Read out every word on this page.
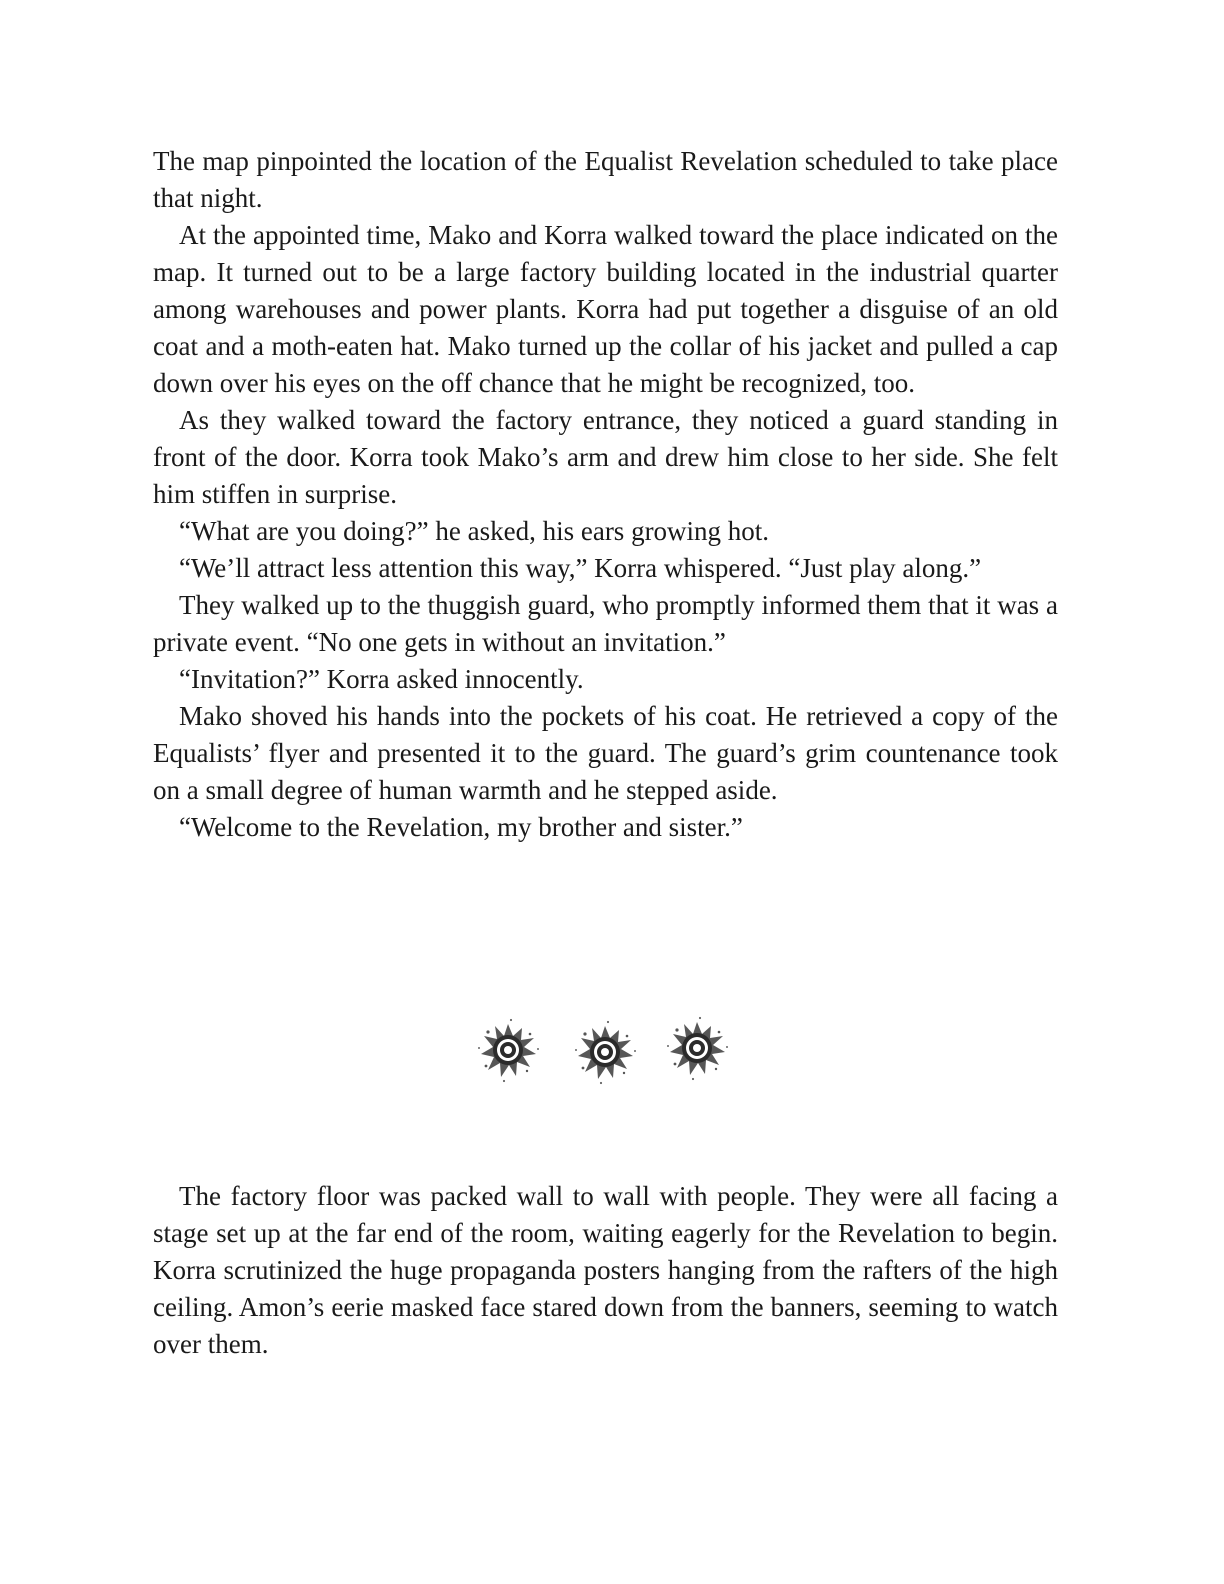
The map pinpointed the location of the Equalist Revelation scheduled to take place that night.

At the appointed time, Mako and Korra walked toward the place indicated on the map. It turned out to be a large factory building located in the industrial quarter among warehouses and power plants. Korra had put together a disguise of an old coat and a moth-eaten hat. Mako turned up the collar of his jacket and pulled a cap down over his eyes on the off chance that he might be recognized, too.

As they walked toward the factory entrance, they noticed a guard standing in front of the door. Korra took Mako’s arm and drew him close to her side. She felt him stiffen in surprise.

“What are you doing?” he asked, his ears growing hot.

“We’ll attract less attention this way,” Korra whispered. “Just play along.”

They walked up to the thuggish guard, who promptly informed them that it was a private event. “No one gets in without an invitation.”

“Invitation?” Korra asked innocently.

Mako shoved his hands into the pockets of his coat. He retrieved a copy of the Equalists’ flyer and presented it to the guard. The guard’s grim countenance took on a small degree of human warmth and he stepped aside.

“Welcome to the Revelation, my brother and sister.”

The factory floor was packed wall to wall with people. They were all facing a stage set up at the far end of the room, waiting eagerly for the Revelation to begin. Korra scrutinized the huge propaganda posters hanging from the rafters of the high ceiling. Amon’s eerie masked face stared down from the banners, seeming to watch over them.
